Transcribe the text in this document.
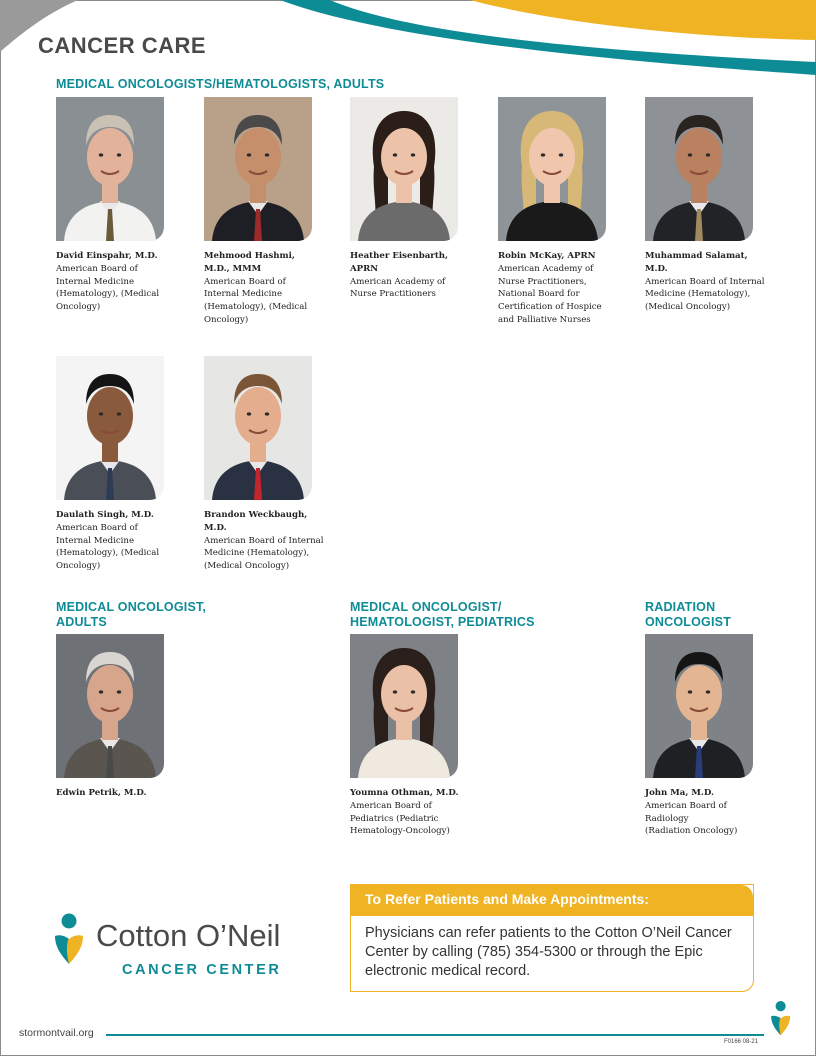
CANCER CARE
MEDICAL ONCOLOGISTS/HEMATOLOGISTS, ADULTS
David Einspahr, M.D.
American Board of
Internal Medicine
(Hematology), (Medical
Oncology)
Mehmood Hashmi,
M.D., MMM
American Board of
Internal Medicine
(Hematology), (Medical
Oncology)
Heather Eisenbarth, APRN
American Academy of
Nurse Practitioners
Robin McKay, APRN
American Academy of
Nurse Practitioners,
National Board for
Certification of Hospice
and Palliative Nurses
Muhammad Salamat, M.D.
American Board of Internal
Medicine (Hematology),
(Medical Oncology)
Daulath Singh, M.D.
American Board of
Internal Medicine
(Hematology), (Medical
Oncology)
Brandon Weckbaugh, M.D.
American Board of Internal
Medicine (Hematology),
(Medical Oncology)
Edwin Petrik, M.D.	Youmna Othman, M.D.
American Board of
Pediatrics (Pediatric
Hematology-Oncology)
John Ma, M.D.
American Board of Radiology
(Radiation Oncology)
MEDICAL ONCOLOGIST,
ADULTS
MEDICAL ONCOLOGIST/
HEMATOLOGIST, PEDIATRICS
RADIATION
ONCOLOGIST
Cotton O’Neil
CANCER CENTER
To Refer Patients and Make Appointments:
Physicians can refer patients to the Cotton O’Neil Cancer Center by calling (785) 354-5300 or through the Epic electronic medical record.
stormontvail.org
F0166 08-21
